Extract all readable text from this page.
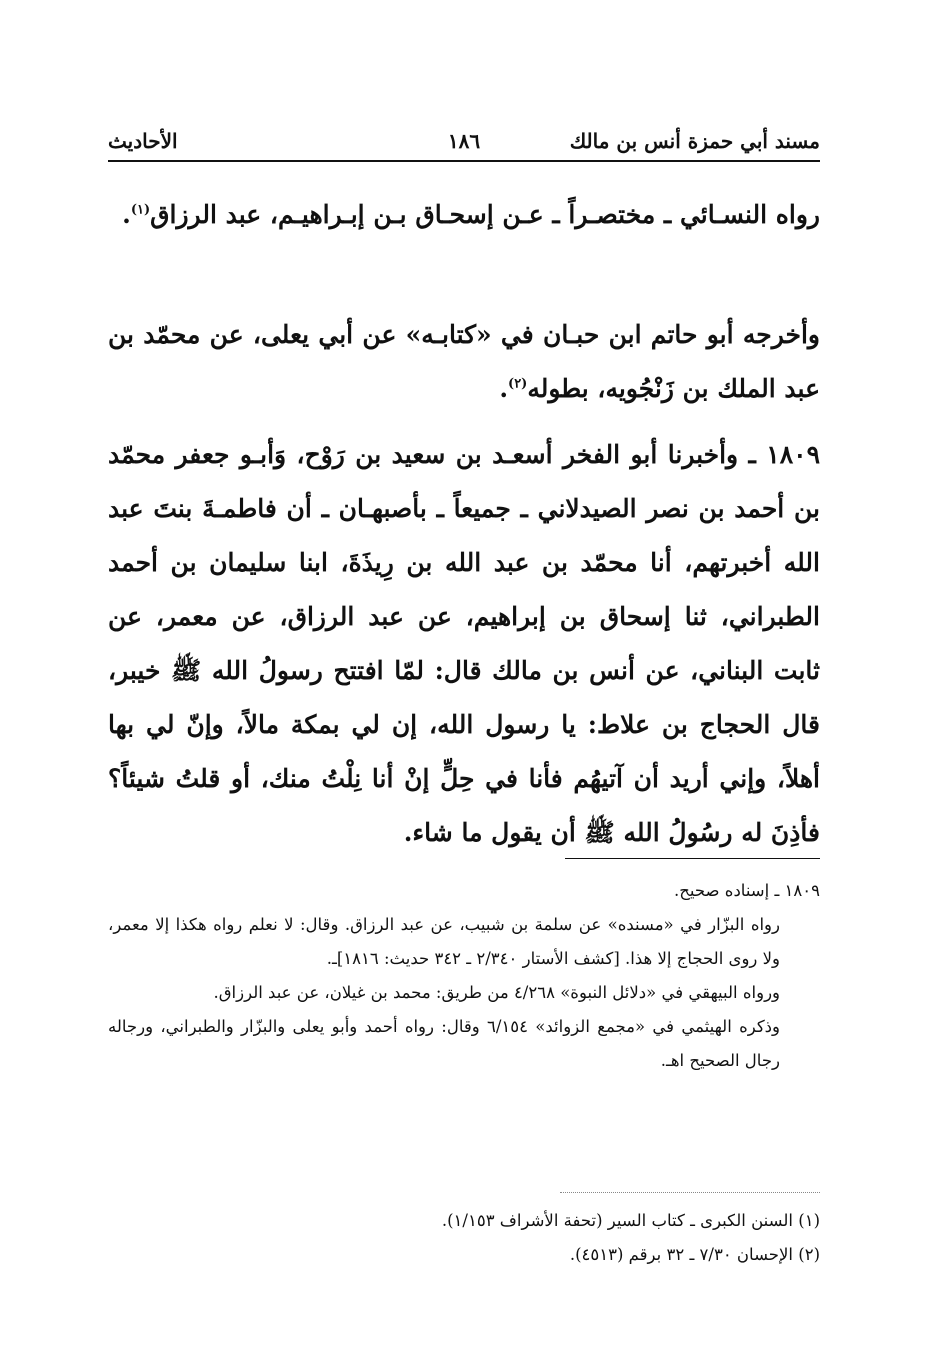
مسند أبي حمزة أنس بن مالك
١٨٦
الأحاديث

رواه النسـائي ـ مختصـراً ـ عـن إسحـاق بـن إبـراهيـم، عبد الرزاق$^{(١)}$.

وأخرجه أبو حاتم ابن حبـان في «كتابـه» عن أبي يعلى، عن محمّد بن عبد الملك بن زَنْجُويه، بطوله$^{(٢)}$.

١٨٠٩ ـ وأخبرنا أبو الفخر أسعـد بن سعيد بن رَوْح، وَأبـو جعفر محمّد بن أحمد بن نصر الصيدلاني ـ جميعاً ـ بأصبهـان ـ أن فاطمـةَ بنتَ عبد الله أخبرتهم، أنا محمّد بن عبد الله بن رِيذَةَ، ابنا سليمان بن أحمد الطبراني، ثنا إسحاق بن إبراهيم، عن عبد الرزاق، عن معمر، عن ثابت البناني، عن أنس بن مالك قال: لمّا افتتح رسولُ الله ﷺ خيبر، قال الحجاج بن علاط: يا رسول الله، إن لي بمكة مالاً، وإنّ لي بها أهلاً، وإني أريد أن آتيهُم فأنا في حِلٍّ إنْ أنا نِلْتُ منك، أو قلتُ شيئاً؟ فأذِنَ له رسُولُ الله ﷺ أن يقول ما شاء.

١٨٠٩ ـ إسناده صحيح.

رواه البزّار في «مسنده» عن سلمة بن شبيب، عن عبد الرزاق. وقال: لا نعلم رواه هكذا إلا معمر، ولا روى الحجاج إلا هذا. [كشف الأستار ٢/٣٤٠ ـ ٣٤٢ حديث: ١٨١٦]ـ.

ورواه البيهقي في «دلائل النبوة» ٤/٢٦٨ من طريق: محمد بن غيلان، عن عبد الرزاق.

وذكره الهيثمي في «مجمع الزوائد» ٦/١٥٤ وقال: رواه أحمد وأبو يعلى والبزّار والطبراني، ورجاله رجال الصحيح اهـ.

(١) السنن الكبرى ـ كتاب السير (تحفة الأشراف ١/١٥٣).

(٢) الإحسان ٧/٣٠ ـ ٣٢ برقم (٤٥١٣).
